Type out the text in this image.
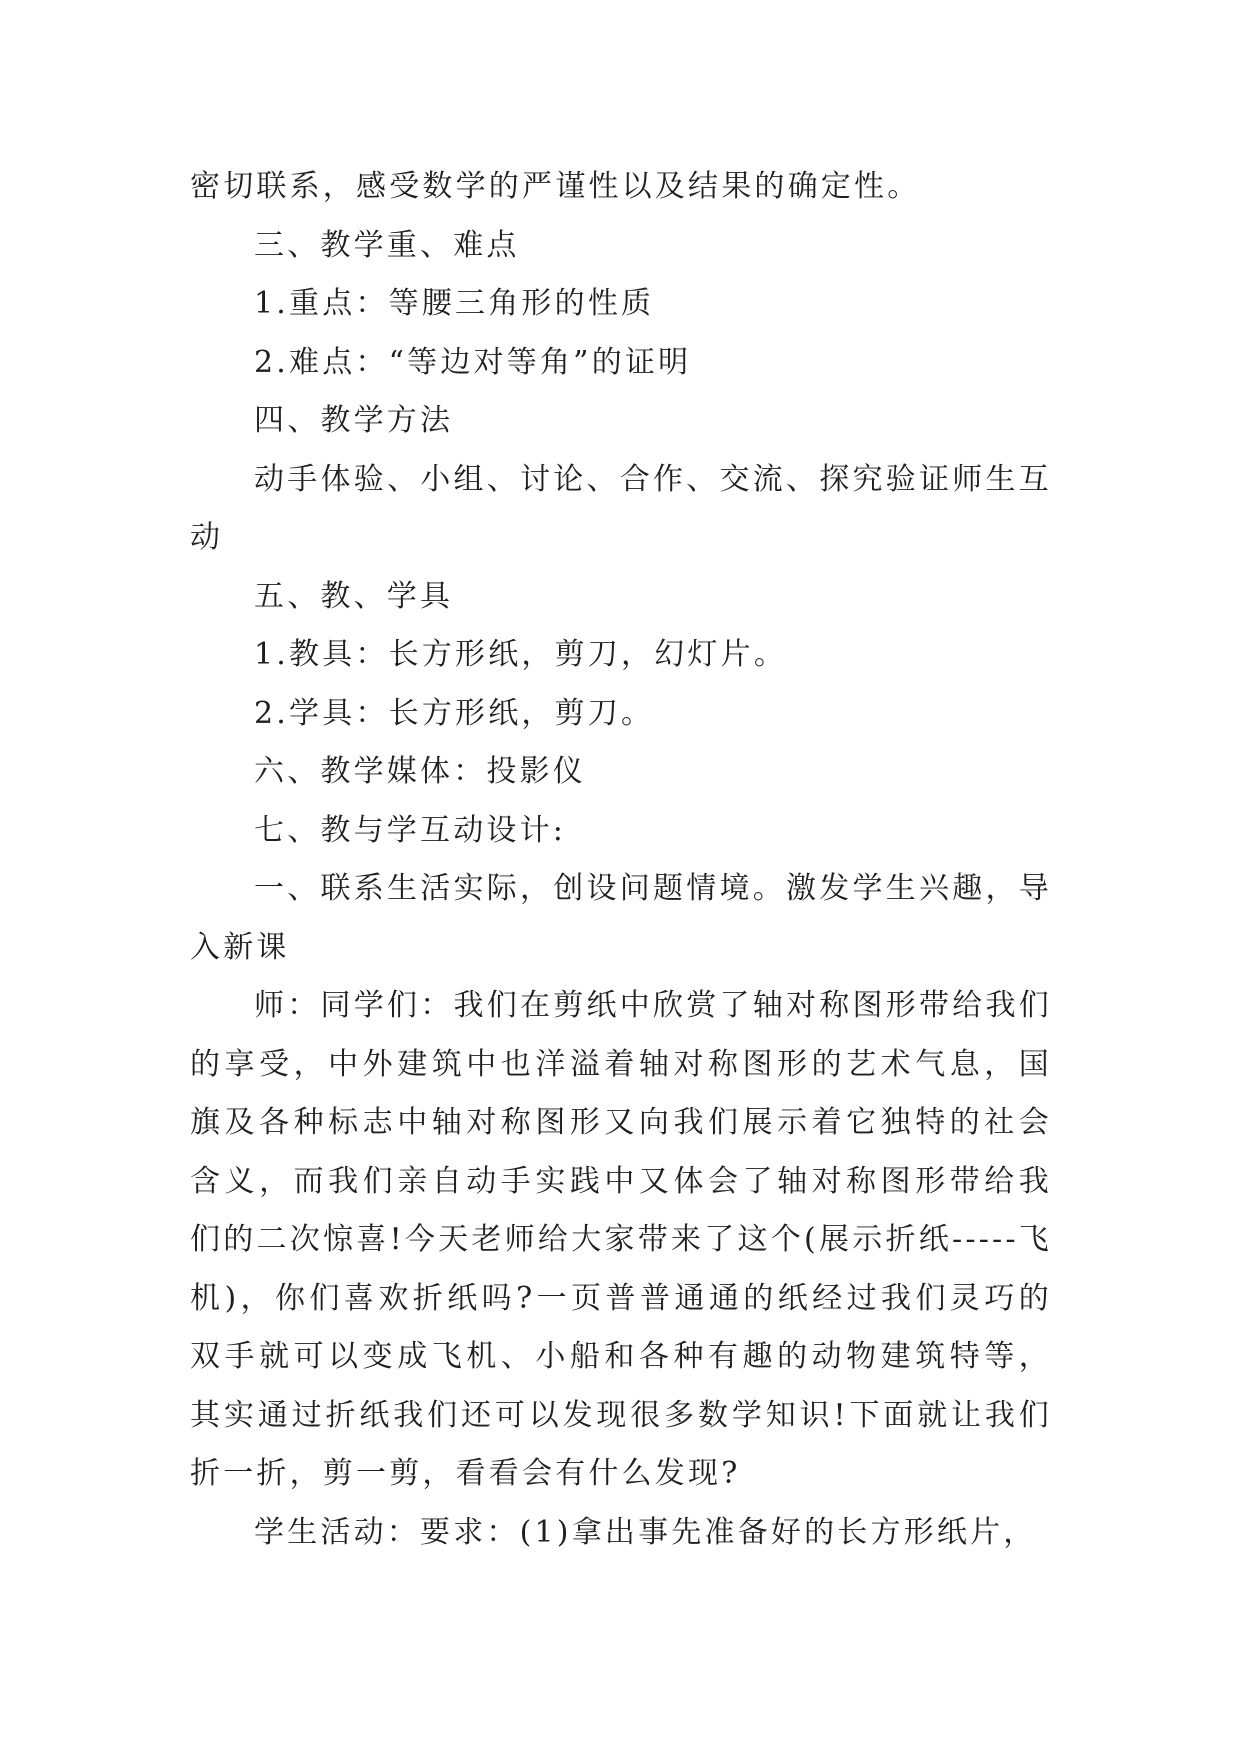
密切联系，感受数学的严谨性以及结果的确定性。

三、教学重、难点

1.重点：等腰三角形的性质

2.难点：“等边对等角”的证明

四、教学方法

动手体验、小组、讨论、合作、交流、探究验证师生互动

五、教、学具

1.教具：长方形纸，剪刀，幻灯片。

2.学具：长方形纸，剪刀。

六、教学媒体：投影仪

七、教与学互动设计:

一、联系生活实际，创设问题情境。激发学生兴趣，导入新课

师：同学们：我们在剪纸中欣赏了轴对称图形带给我们的享受，中外建筑中也洋溢着轴对称图形的艺术气息，国旗及各种标志中轴对称图形又向我们展示着它独特的社会含义，而我们亲自动手实践中又体会了轴对称图形带给我们的二次惊喜!今天老师给大家带来了这个(展示折纸-----飞机)，你们喜欢折纸吗?一页普普通通的纸经过我们灵巧的双手就可以变成飞机、小船和各种有趣的动物建筑特等，其实通过折纸我们还可以发现很多数学知识!下面就让我们折一折，剪一剪，看看会有什么发现?

学生活动：要求：(1)拿出事先准备好的长方形纸片，
